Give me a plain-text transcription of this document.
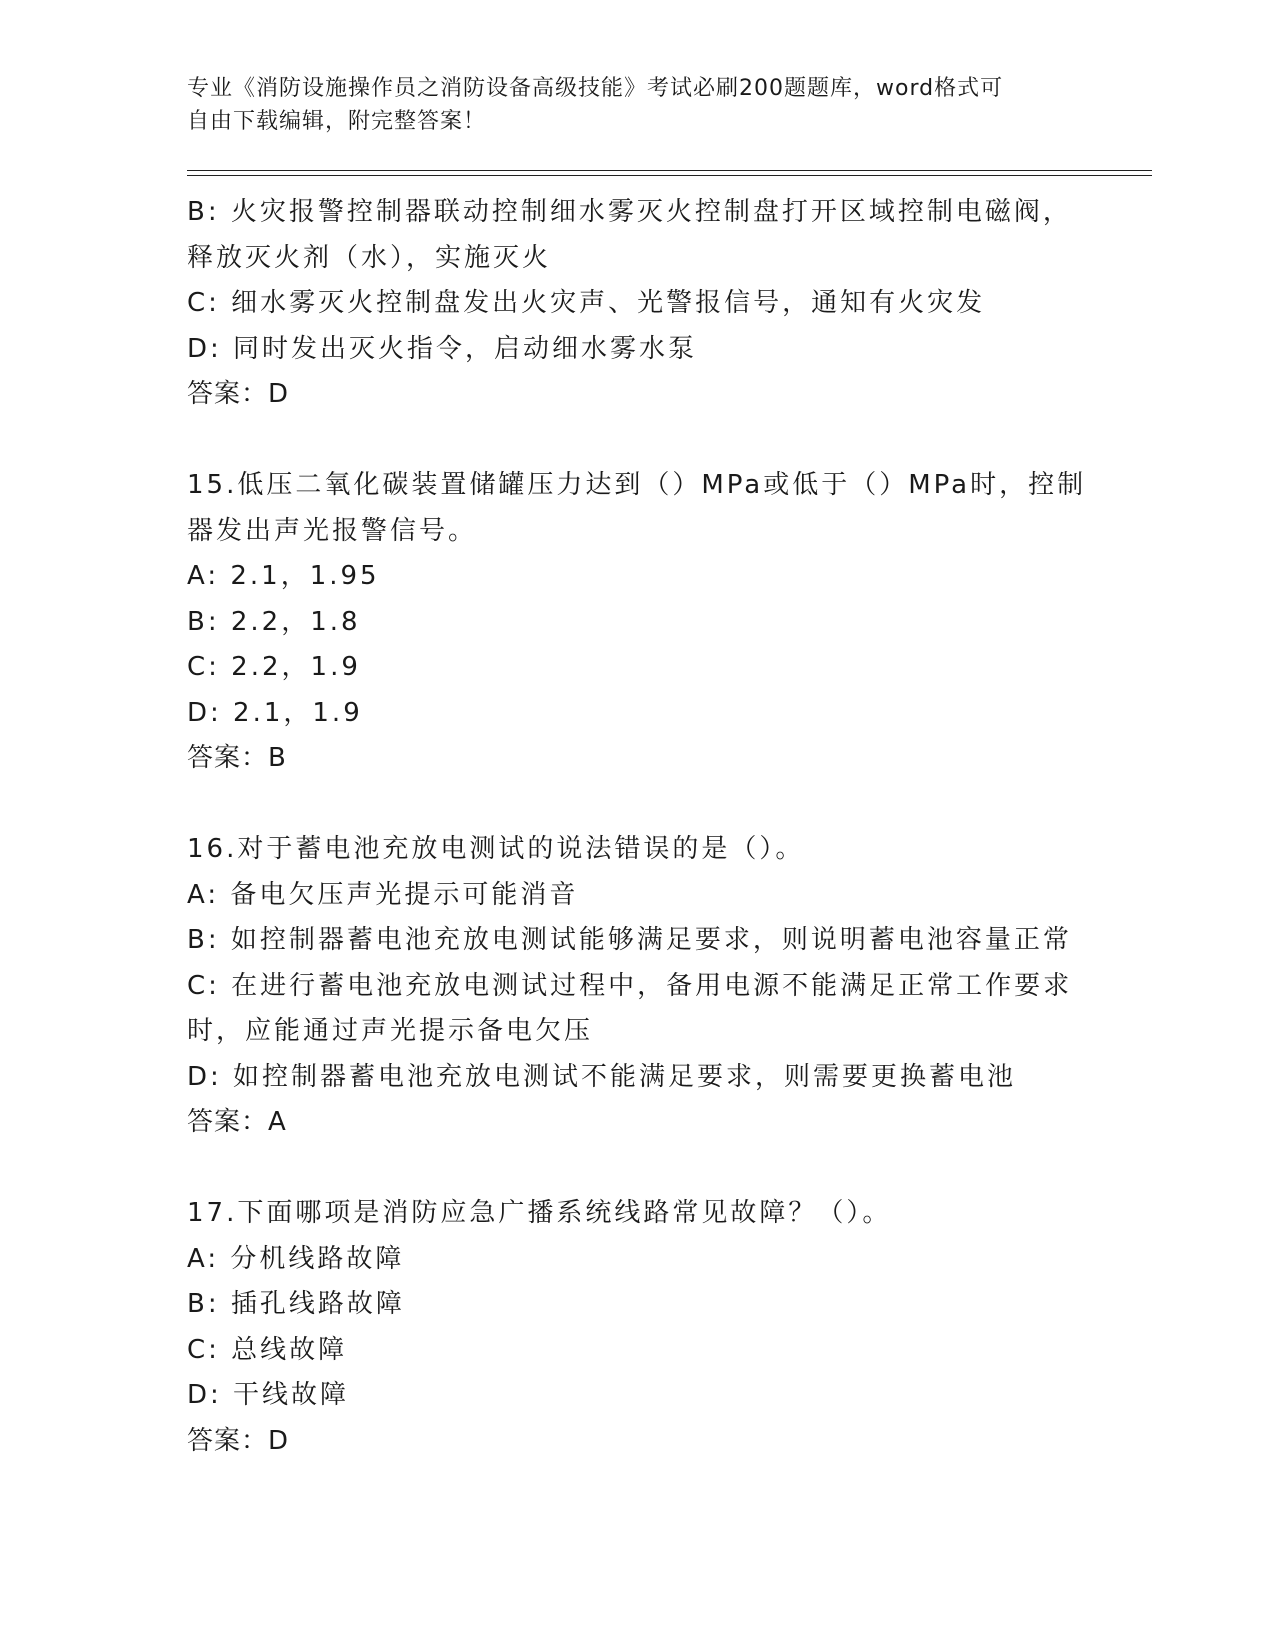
专业《消防设施操作员之消防设备高级技能》考试必刷200题题库，word格式可
自由下载编辑，附完整答案！

B: 火灾报警控制器联动控制细水雾灭火控制盘打开区域控制电磁阀，

释放灭火剂（水），实施灭火

C: 细水雾灭火控制盘发出火灾声、光警报信号，通知有火灾发

D: 同时发出灭火指令，启动细水雾水泵

答案：D

15.低压二氧化碳装置储罐压力达到（）MPa或低于（）MPa时，控制

器发出声光报警信号。

A: 2.1，1.95

B: 2.2，1.8

C: 2.2，1.9

D: 2.1，1.9

答案：B

16.对于蓄电池充放电测试的说法错误的是（）。

A: 备电欠压声光提示可能消音

B: 如控制器蓄电池充放电测试能够满足要求，则说明蓄电池容量正常

C: 在进行蓄电池充放电测试过程中，备用电源不能满足正常工作要求

时，应能通过声光提示备电欠压

D: 如控制器蓄电池充放电测试不能满足要求，则需要更换蓄电池

答案：A

17.下面哪项是消防应急广播系统线路常见故障？（）。

A: 分机线路故障

B: 插孔线路故障

C: 总线故障

D: 干线故障

答案：D
